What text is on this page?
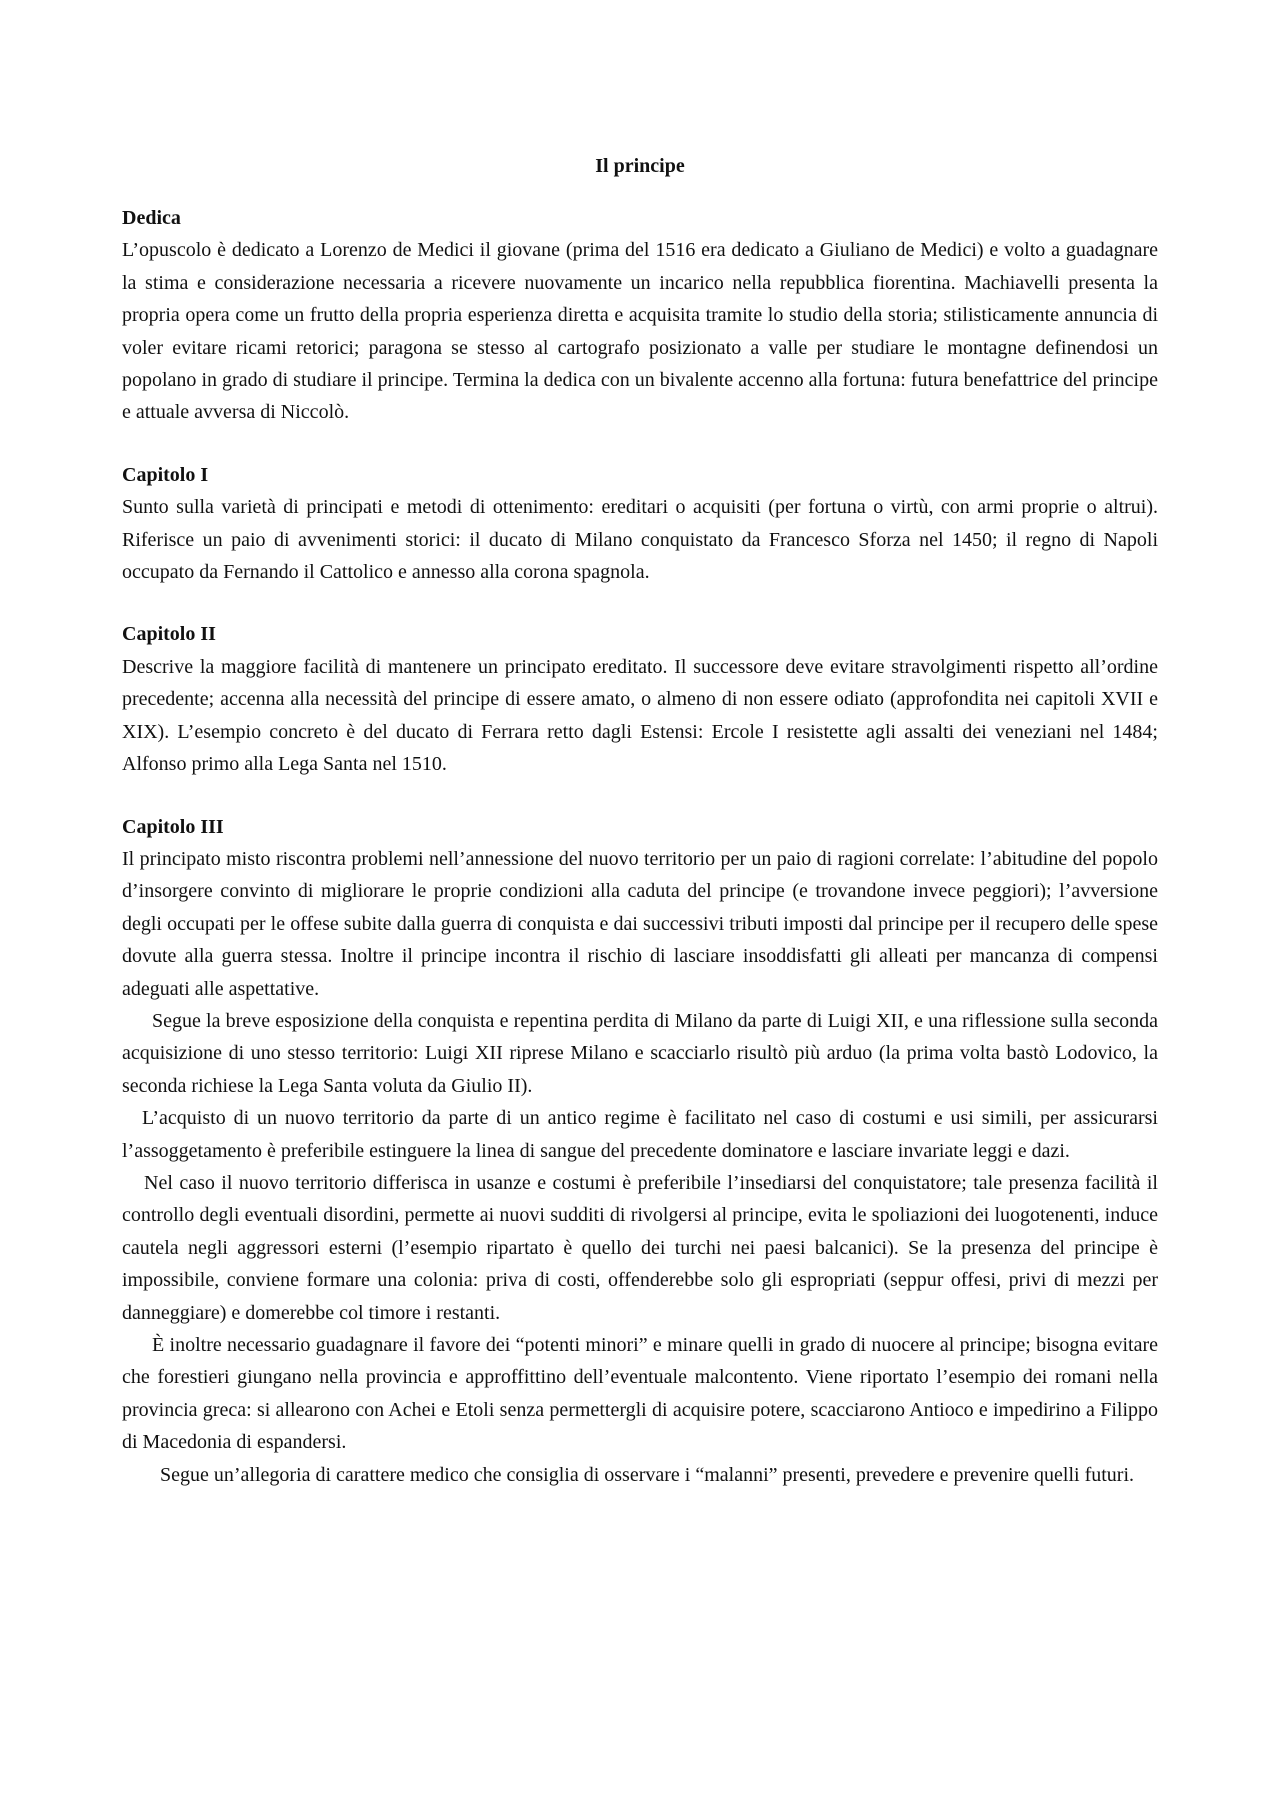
Il principe
Dedica

L’opuscolo è dedicato a Lorenzo de Medici il giovane (prima del 1516 era dedicato a Giuliano de Medici) e volto a guadagnare la stima e considerazione necessaria a ricevere nuovamente un incarico nella repubblica fiorentina. Machiavelli presenta la propria opera come un frutto della propria esperienza diretta e acquisita tramite lo studio della storia; stilisticamente annuncia di voler evitare ricami retorici; paragona se stesso al cartografo posizionato a valle per studiare le montagne definendosi un popolano in grado di studiare il principe. Termina la dedica con un bivalente accenno alla fortuna: futura benefattrice del principe e attuale avversa di Niccolò.

Capitolo I

Sunto sulla varietà di principati e metodi di ottenimento: ereditari o acquisiti (per fortuna o virtù, con armi proprie o altrui). Riferisce un paio di avvenimenti storici: il ducato di Milano conquistato da Francesco Sforza nel 1450; il regno di Napoli occupato da Fernando il Cattolico e annesso alla corona spagnola.

Capitolo II

Descrive la maggiore facilità di mantenere un principato ereditato. Il successore deve evitare stravolgimenti rispetto all’ordine precedente; accenna alla necessità del principe di essere amato, o almeno di non essere odiato (approfondita nei capitoli XVII e XIX). L’esempio concreto è del ducato di Ferrara retto dagli Estensi: Ercole I resistette agli assalti dei veneziani nel 1484; Alfonso primo alla Lega Santa nel 1510.

Capitolo III

Il principato misto riscontra problemi nell’annessione del nuovo territorio per un paio di ragioni correlate: l’abitudine del popolo d’insorgere convinto di migliorare le proprie condizioni alla caduta del principe (e trovandone invece peggiori); l’avversione degli occupati per le offese subite dalla guerra di conquista e dai successivi tributi imposti dal principe per il recupero delle spese dovute alla guerra stessa. Inoltre il principe incontra il rischio di lasciare insoddisfatti gli alleati per mancanza di compensi adeguati alle aspettative.

Segue la breve esposizione della conquista e repentina perdita di Milano da parte di Luigi XII, e una riflessione sulla seconda acquisizione di uno stesso territorio: Luigi XII riprese Milano e scacciarlo risultò più arduo (la prima volta bastò Lodovico, la seconda richiese la Lega Santa voluta da Giulio II).

L’acquisto di un nuovo territorio da parte di un antico regime è facilitato nel caso di costumi e usi simili, per assicurarsi l’assoggetamento è preferibile estinguere la linea di sangue del precedente dominatore e lasciare invariate leggi e dazi.

Nel caso il nuovo territorio differisca in usanze e costumi è preferibile l’insediarsi del conquistatore; tale presenza facilità il controllo degli eventuali disordini, permette ai nuovi sudditi di rivolgersi al principe, evita le spoliazioni dei luogotenenti, induce cautela negli aggressori esterni (l’esempio ripartato è quello dei turchi nei paesi balcanici). Se la presenza del principe è impossibile, conviene formare una colonia: priva di costi, offenderebbe solo gli espropriati (seppur offesi, privi di mezzi per danneggiare) e domerebbe col timore i restanti.

È inoltre necessario guadagnare il favore dei “potenti minori” e minare quelli in grado di nuocere al principe; bisogna evitare che forestieri giungano nella provincia e approffittino dell’eventuale malcontento. Viene riportato l’esempio dei romani nella provincia greca: si allearono con Achei e Etoli senza permettergli di acquisire potere, scacciarono Antioco e impedirino a Filippo di Macedonia di espandersi.

Segue un’allegoria di carattere medico che consiglia di osservare i “malanni” presenti, prevedere e prevenire quelli futuri.
